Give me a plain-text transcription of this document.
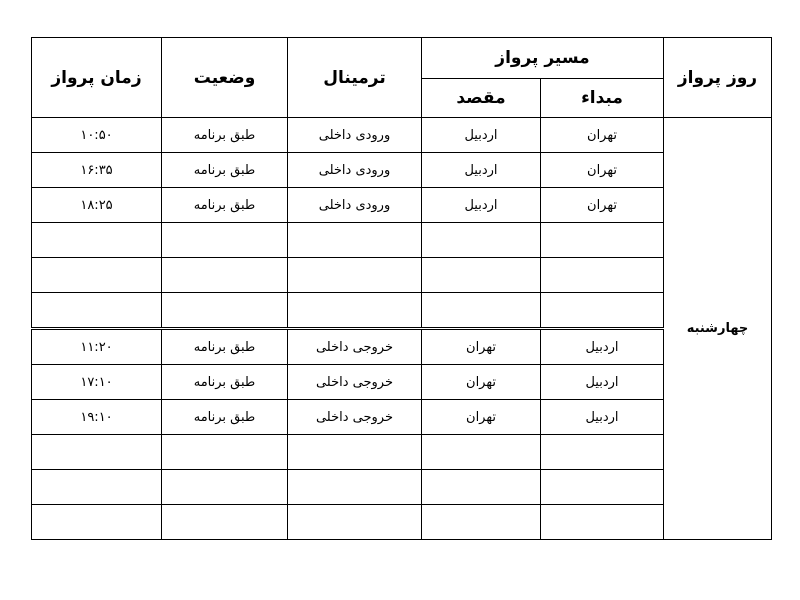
روز پرواز	مسیر پرواز		ترمینال	وضعیت	زمان پرواز
	مبداء	مقصد			
چهارشنبه	تهران	اردبیل	ورودی داخلی	طبق برنامه	۱۰:۵۰
	تهران	اردبیل	ورودی داخلی	طبق برنامه	۱۶:۳۵
	تهران	اردبیل	ورودی داخلی	طبق برنامه	۱۸:۲۵

	اردبیل	تهران	خروجی داخلی	طبق برنامه	۱۱:۲۰
	اردبیل	تهران	خروجی داخلی	طبق برنامه	۱۷:۱۰
	اردبیل	تهران	خروجی داخلی	طبق برنامه	۱۹:۱۰
